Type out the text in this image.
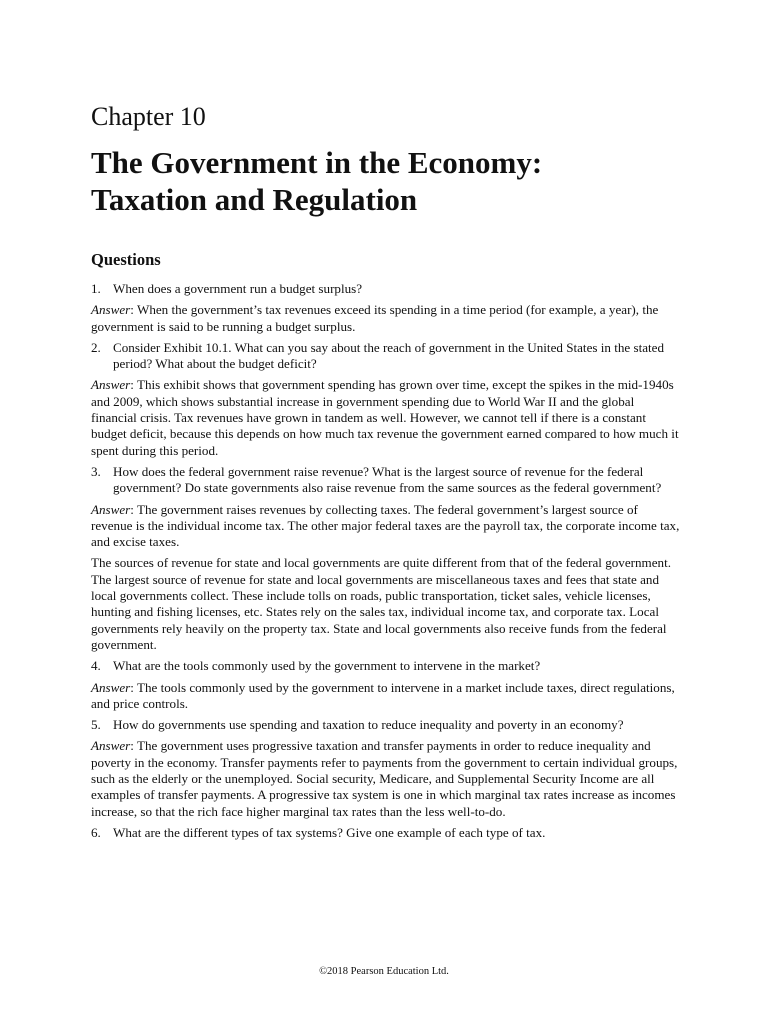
Chapter 10
The Government in the Economy:
Taxation and Regulation
Questions
1. When does a government run a budget surplus?

Answer: When the government’s tax revenues exceed its spending in a time period (for example, a year), the government is said to be running a budget surplus.

2. Consider Exhibit 10.1. What can you say about the reach of government in the United States in the stated period? What about the budget deficit?

Answer: This exhibit shows that government spending has grown over time, except the spikes in the mid-1940s and 2009, which shows substantial increase in government spending due to World War II and the global financial crisis. Tax revenues have grown in tandem as well. However, we cannot tell if there is a constant budget deficit, because this depends on how much tax revenue the government earned compared to how much it spent during this period.

3. How does the federal government raise revenue? What is the largest source of revenue for the federal government? Do state governments also raise revenue from the same sources as the federal government?

Answer: The government raises revenues by collecting taxes. The federal government’s largest source of revenue is the individual income tax. The other major federal taxes are the payroll tax, the corporate income tax, and excise taxes.

The sources of revenue for state and local governments are quite different from that of the federal government. The largest source of revenue for state and local governments are miscellaneous taxes and fees that state and local governments collect. These include tolls on roads, public transportation, ticket sales, vehicle licenses, hunting and fishing licenses, etc. States rely on the sales tax, individual income tax, and corporate tax. Local governments rely heavily on the property tax. State and local governments also receive funds from the federal government.

4. What are the tools commonly used by the government to intervene in the market?

Answer: The tools commonly used by the government to intervene in a market include taxes, direct regulations, and price controls.

5. How do governments use spending and taxation to reduce inequality and poverty in an economy?

Answer: The government uses progressive taxation and transfer payments in order to reduce inequality and poverty in the economy. Transfer payments refer to payments from the government to certain individual groups, such as the elderly or the unemployed. Social security, Medicare, and Supplemental Security Income are all examples of transfer payments. A progressive tax system is one in which marginal tax rates increase as incomes increase, so that the rich face higher marginal tax rates than the less well-to-do.

6. What are the different types of tax systems? Give one example of each type of tax.
©2018 Pearson Education Ltd.
